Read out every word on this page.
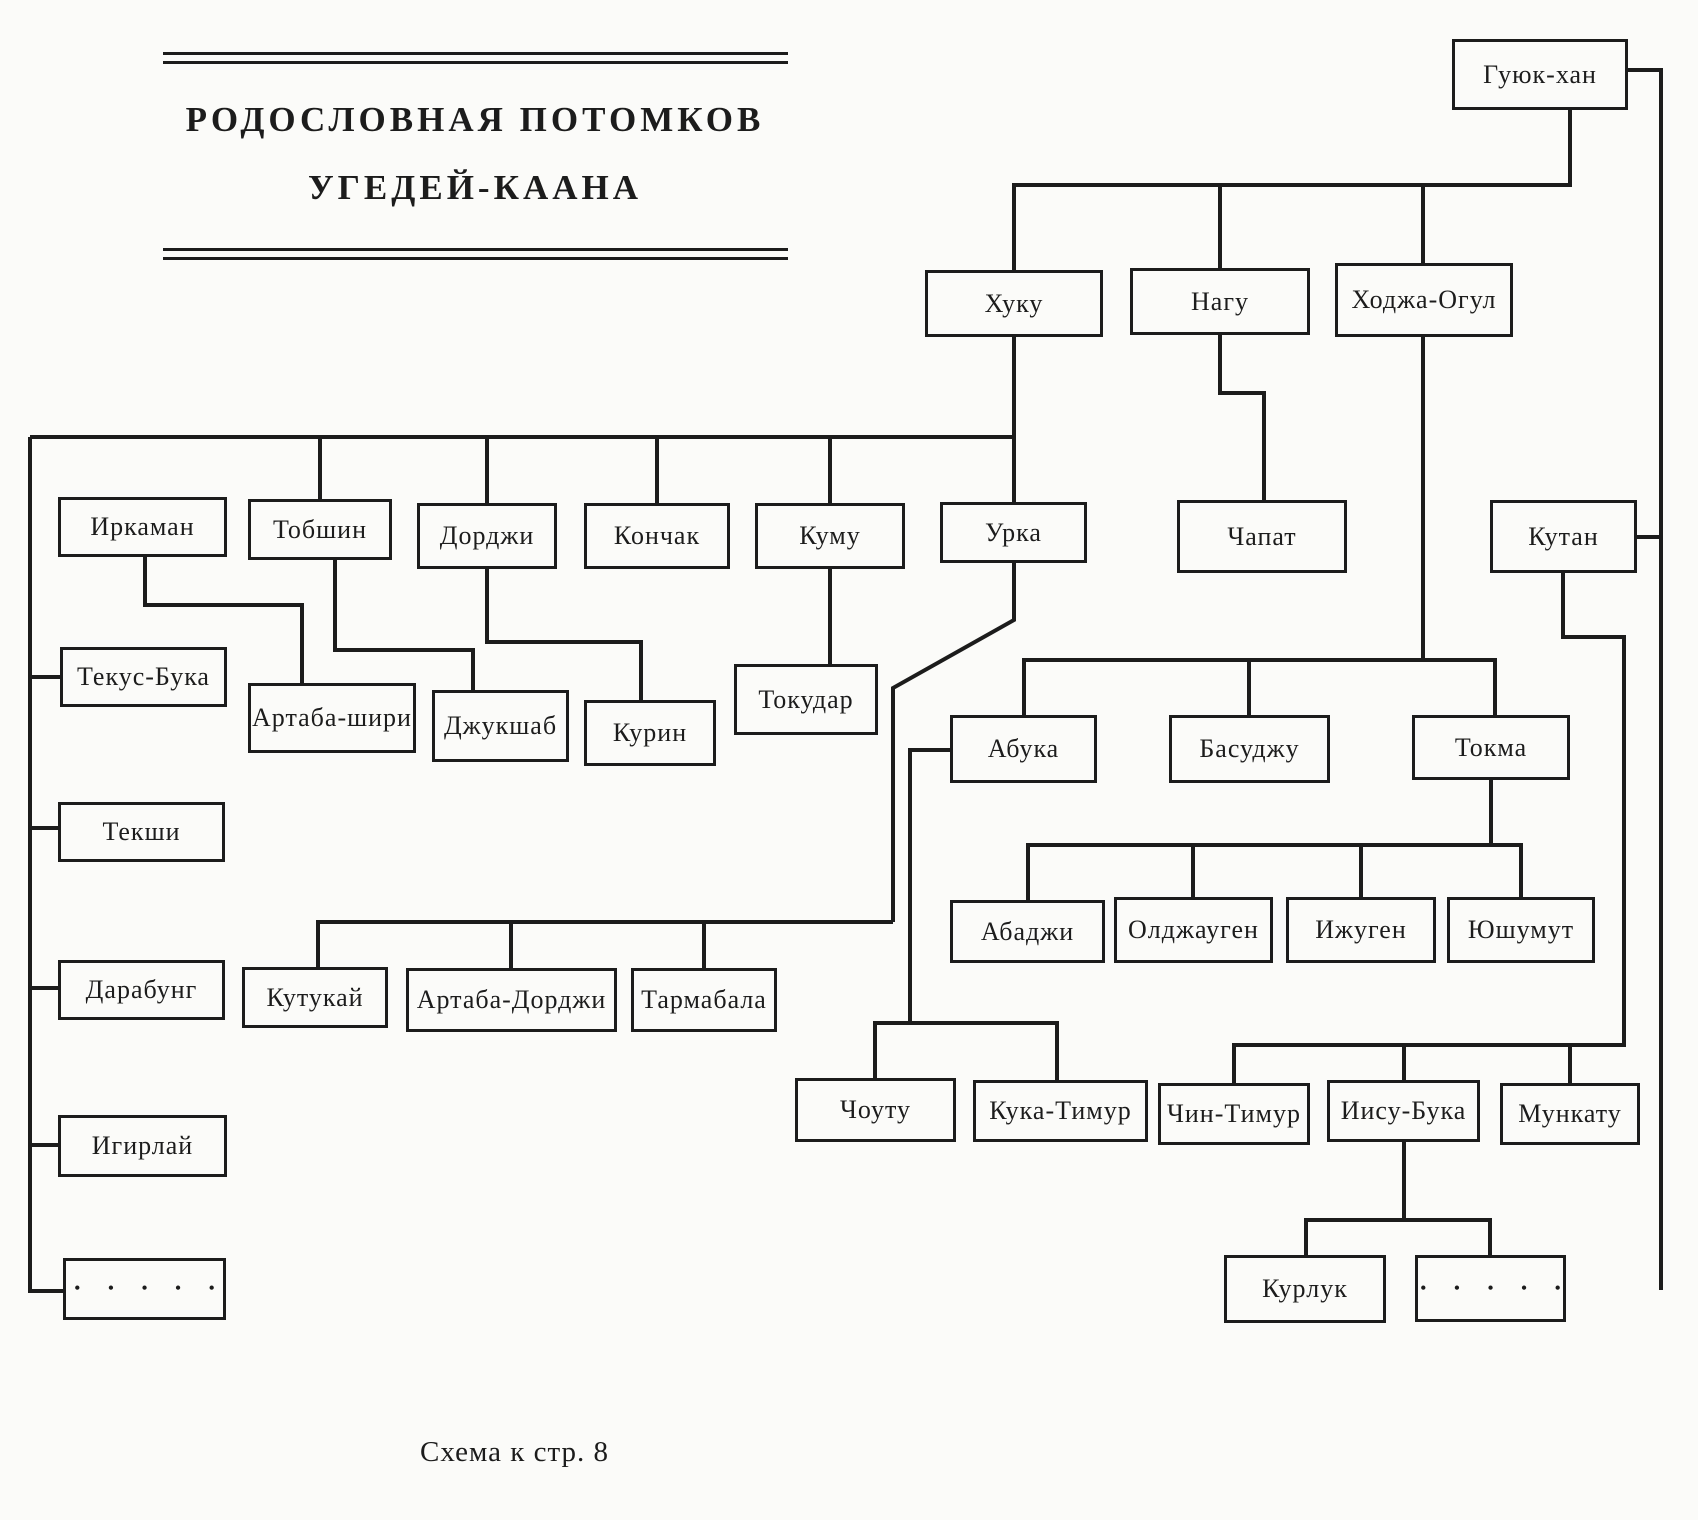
РОДОСЛОВНАЯ ПОТОМКОВ
УГЕДЕЙ-КААНА
Гуюк-хан
Хуку	Нагу	Ходжа-Огул
Иркаман	Тобшин	Дорджи	Кончак	Куму	Урка	Чапат	Кутан
Текус-Бука
Артаба-шири	Джукшаб	Курин
Токудар
Текши
Дарабунг
Игирлай
• • • • •
Абука	Басуджу	Токма
Абаджи	Олджауген	Ижуген	Юшумут
Кутукай	Артаба-Дорджи	Тармабала
Чоуту	Кука-Тимур	Чин-Тимур	Иису-Бука	Мункату
Курлук	• • • • •
Схема к стр. 8
